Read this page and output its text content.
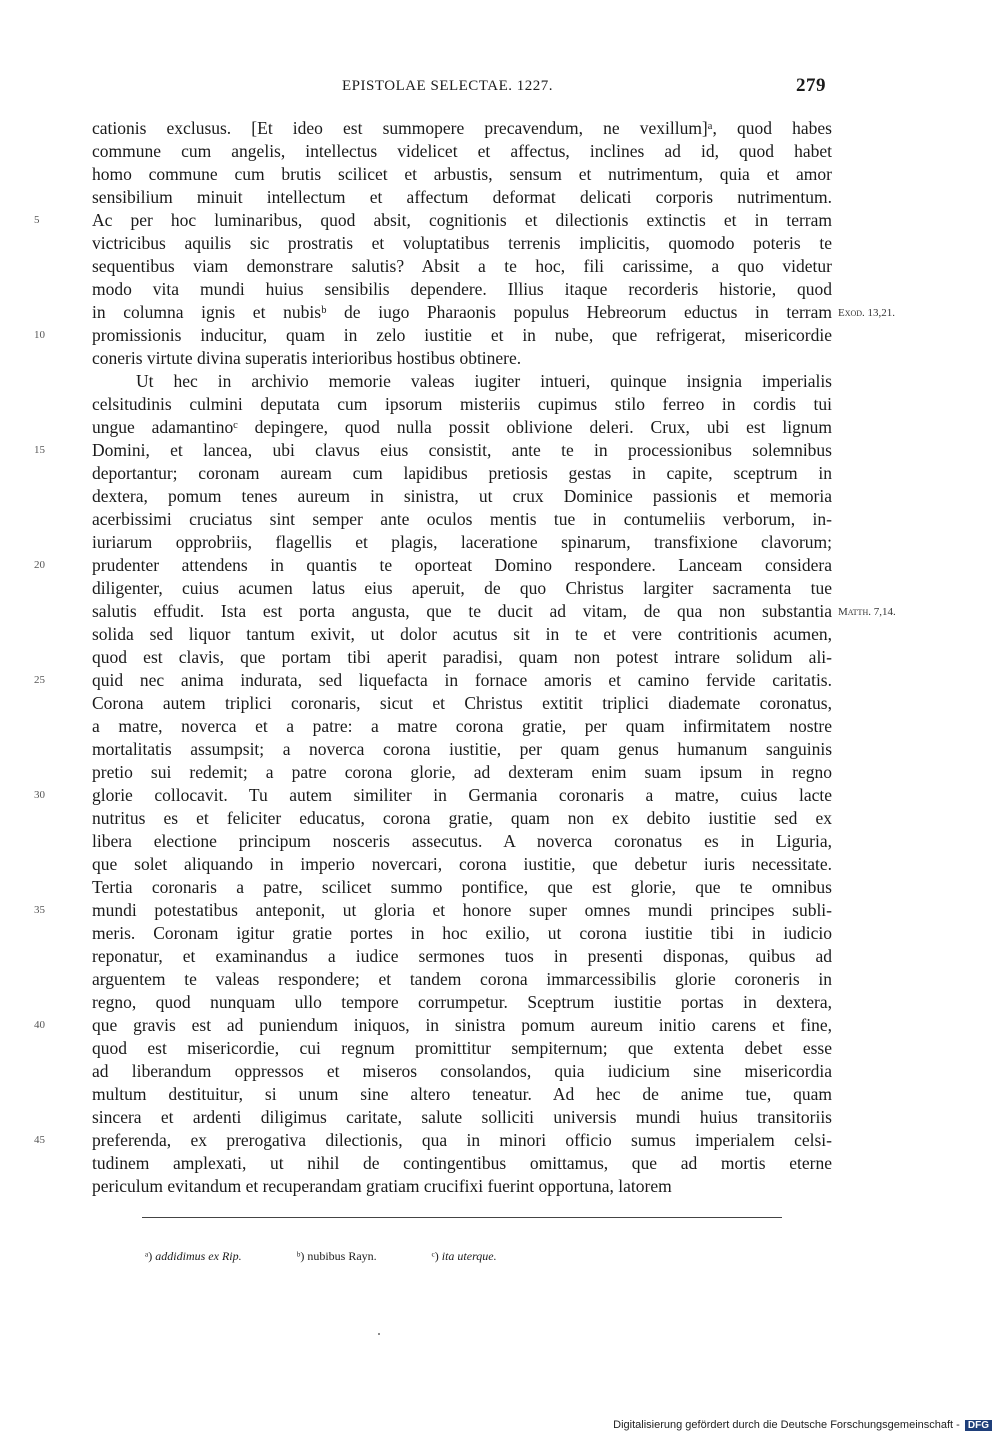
EPISTOLAE SELECTAE. 1227.	279
cationis exclusus. [Et ideo est summopere precavendum, ne vexillum]ᵃ, quod habes
commune cum angelis, intellectus videlicet et affectus, inclines ad id, quod habet
homo commune cum brutis scilicet et arbustis, sensum et nutrimentum, quia et amor
sensibilium minuit intellectum et affectum deformat delicati corporis nutrimentum.
Ac per hoc luminaribus, quod absit, cognitionis et dilectionis extinctis et in terram
5
victricibus aquilis sic prostratis et voluptatibus terrenis implicitis, quomodo poteris te
sequentibus viam demonstrare salutis? Absit a te hoc, fili carissime, a quo videtur
modo vita mundi huius sensibilis dependere. Illius itaque recorderis historie, quod
in columna ignis et nubisᵇ de iugo Pharaonis populus Hebreorum eductus in terram Exod. 13,21.
promissionis inducitur, quam in zelo iustitie et in nube, que refrigerat, misericordie
10
coneris virtute divina superatis interioribus hostibus obtinere.
Ut hec in archivio memorie valeas iugiter intueri, quinque insignia imperialis
celsitudinis culmini deputata cum ipsorum misteriis cupimus stilo ferreo in cordis tui
ungue adamantinoᶜ depingere, quod nulla possit oblivione deleri. Crux, ubi est lignum
Domini, et lancea, ubi clavus eius consistit, ante te in processionibus solemnibus
15
deportantur; coronam auream cum lapidibus pretiosis gestas in capite, sceptrum in
dextera, pomum tenes aureum in sinistra, ut crux Dominice passionis et memoria
acerbissimi cruciatus sint semper ante oculos mentis tue in contumeliis verborum, in-
iuriarum opprobriis, flagellis et plagis, laceratione spinarum, transfixione clavorum;
prudenter attendens in quantis te oporteat Domino respondere. Lanceam considera
20
diligenter, cuius acumen latus eius aperuit, de quo Christus largiter sacramenta tue
salutis effudit. Ista est porta angusta, que te ducit ad vitam, de qua non substantia Matth. 7,14.
solida sed liquor tantum exivit, ut dolor acutus sit in te et vere contritionis acumen,
quod est clavis, que portam tibi aperit paradisi, quam non potest intrare solidum ali-
quid nec anima indurata, sed liquefacta in fornace amoris et camino fervide caritatis.
25
Corona autem triplici coronaris, sicut et Christus extitit triplici diademate coronatus,
a matre, noverca et a patre: a matre corona gratie, per quam infirmitatem nostre
mortalitatis assumpsit; a noverca corona iustitie, per quam genus humanum sanguinis
pretio sui redemit; a patre corona glorie, ad dexteram enim suam ipsum in regno
glorie collocavit. Tu autem similiter in Germania coronaris a matre, cuius lacte
30
nutritus es et feliciter educatus, corona gratie, quam non ex debito iustitie sed ex
libera electione principum nosceris assecutus. A noverca coronatus es in Liguria,
que solet aliquando in imperio novercari, corona iustitie, que debetur iuris necessitate.
Tertia coronaris a patre, scilicet summo pontifice, que est glorie, que te omnibus
mundi potestatibus anteponit, ut gloria et honore super omnes mundi principes subli-
35
meris. Coronam igitur gratie portes in hoc exilio, ut corona iustitie tibi in iudicio
reponatur, et examinandus a iudice sermones tuos in presenti disponas, quibus ad
arguentem te valeas respondere; et tandem corona immarcessibilis glorie coroneris in
regno, quod nunquam ullo tempore corrumpetur. Sceptrum iustitie portas in dextera,
que gravis est ad puniendum iniquos, in sinistra pomum aureum initio carens et fine,
40
quod est misericordie, cui regnum promittitur sempiternum; que extenta debet esse
ad liberandum oppressos et miseros consolandos, quia iudicium sine misericordia
multum destituitur, si unum sine altero teneatur. Ad hec de anime tue, quam
sincera et ardenti diligimus caritate, salute solliciti universis mundi huius transitoriis
preferenda, ex prerogativa dilectionis, qua in minori officio sumus imperialem celsi-
45
tudinem amplexati, ut nihil de contingentibus omittamus, que ad mortis eterne
periculum evitandum et recuperandam gratiam crucifixi fuerint opportuna, latorem
ᵃ) addidimus ex Rip.	ᵇ) nubibus Rayn.	ᶜ) ita uterque.
Digitalisierung gefördert durch die Deutsche Forschungsgemeinschaft - DFG
